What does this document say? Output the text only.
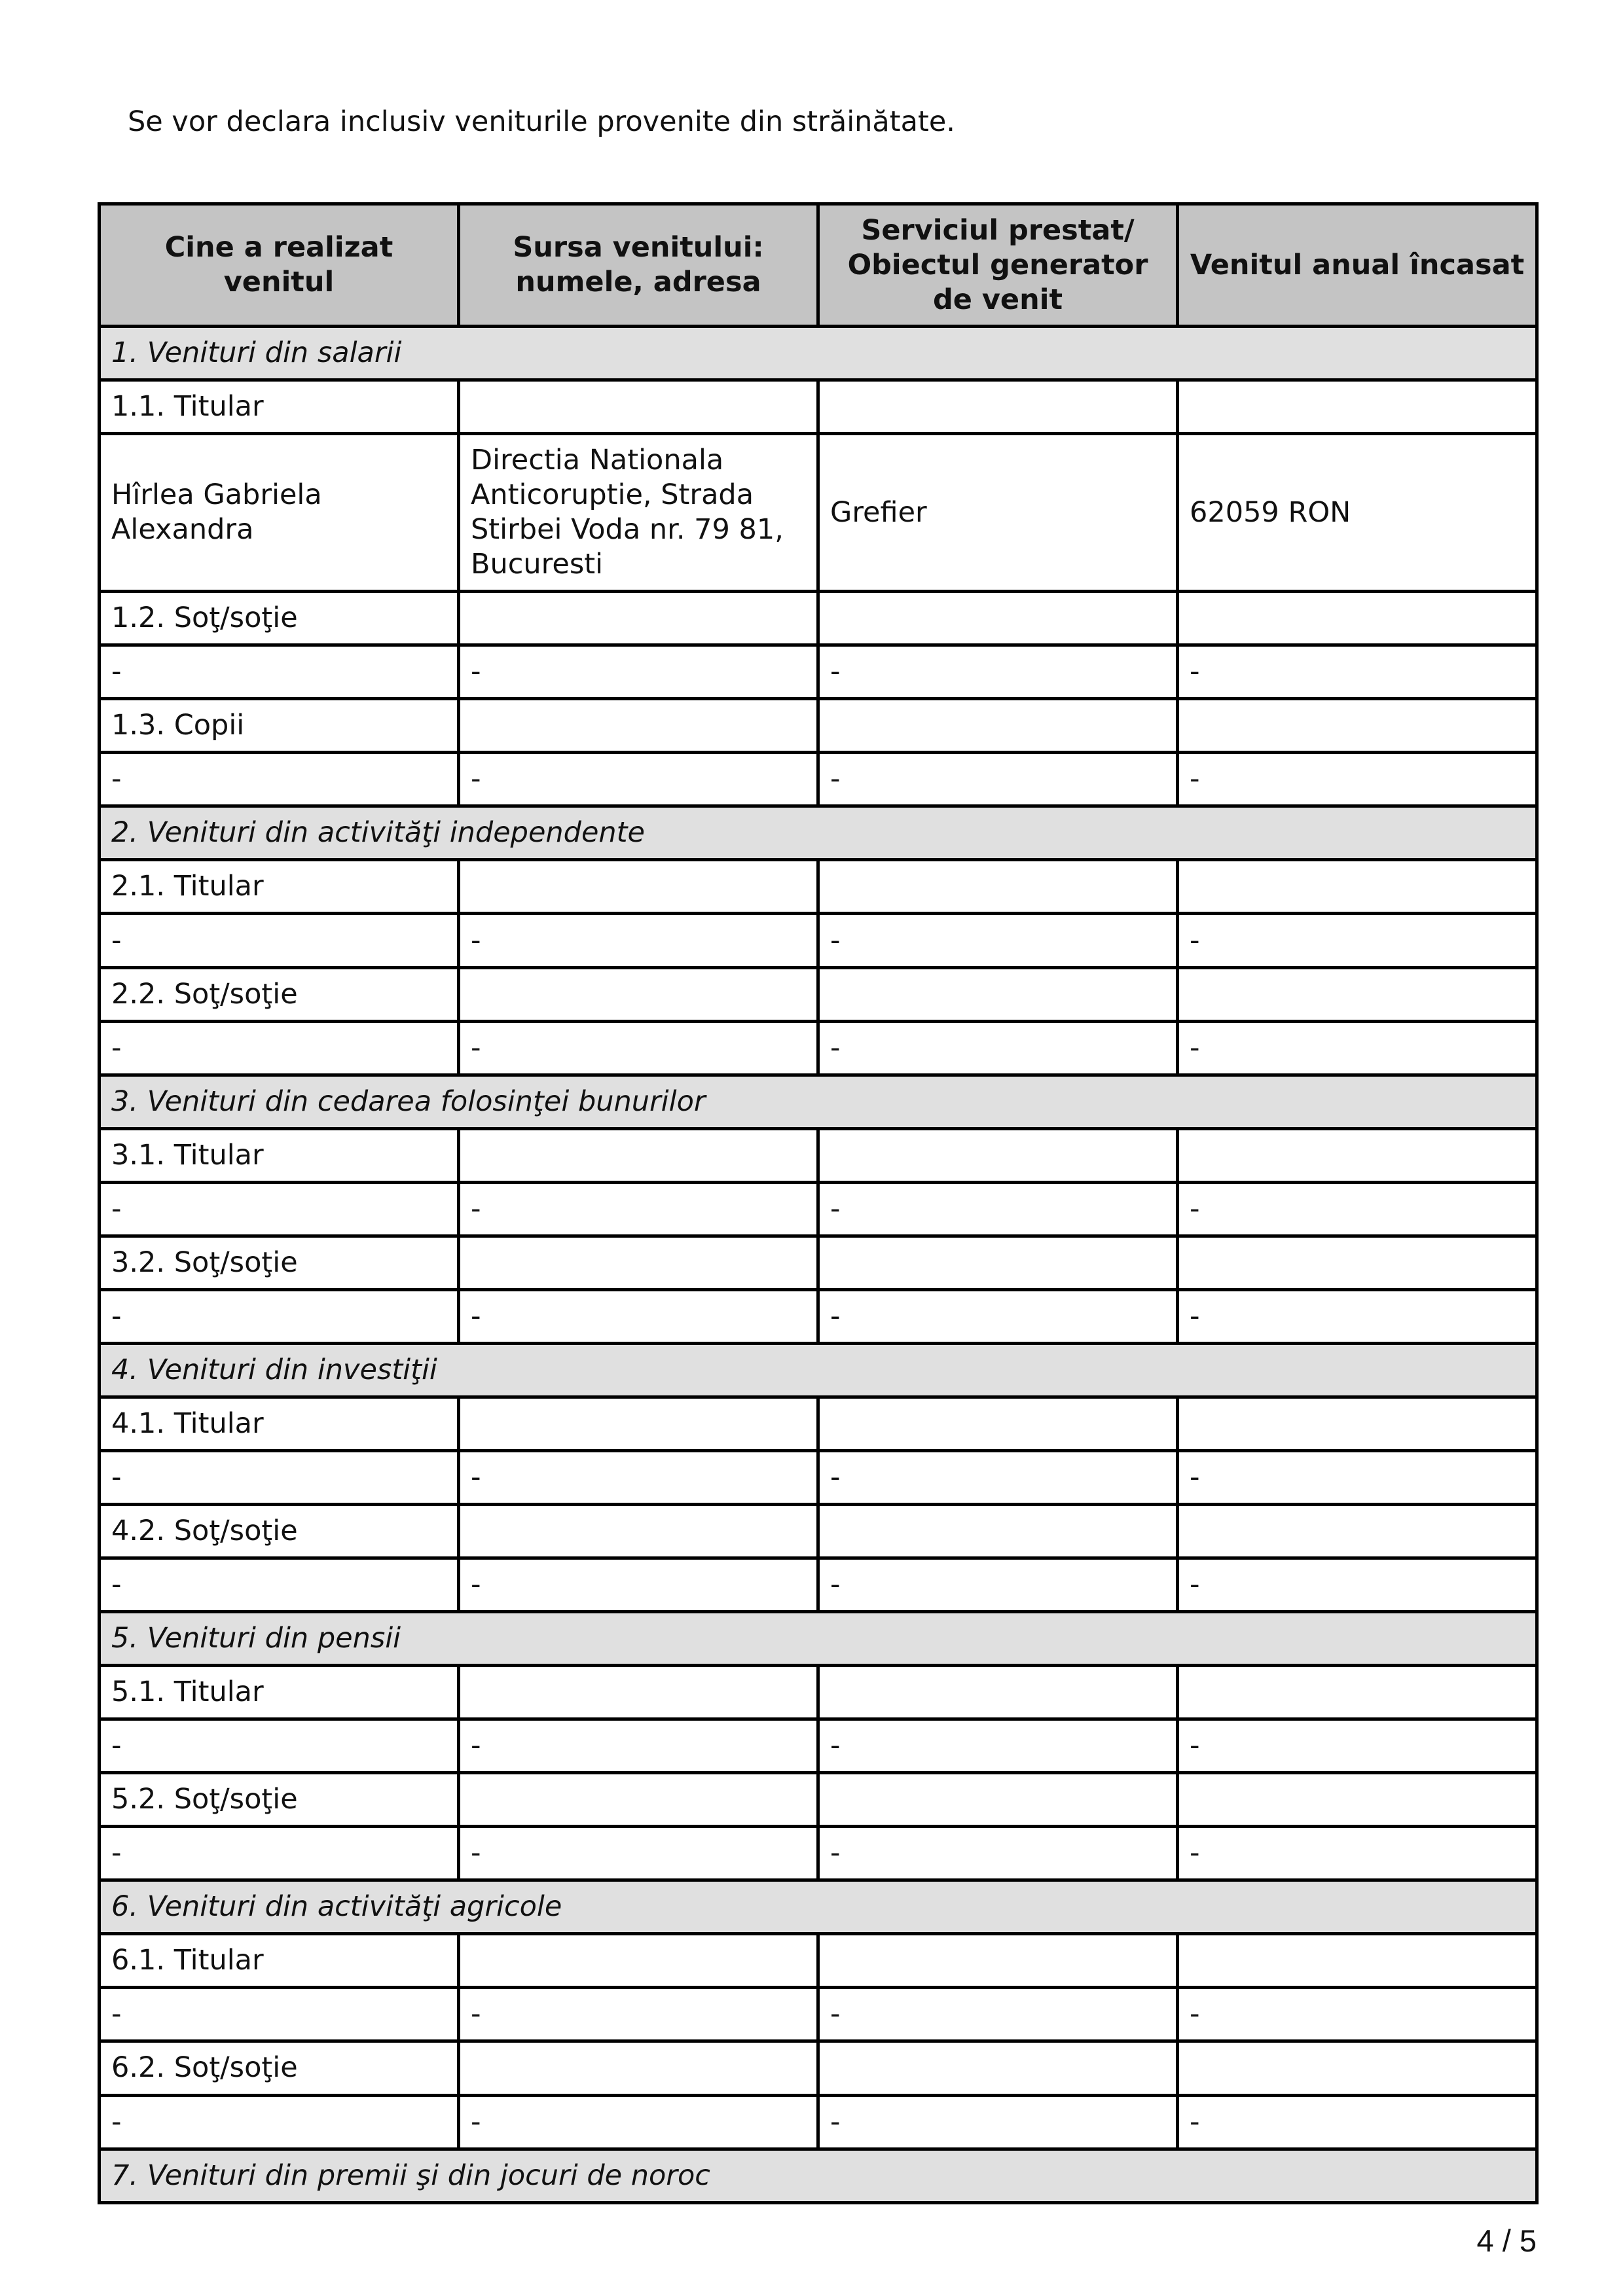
Se vor declara inclusiv veniturile provenite din străinătate.
Cine a realizat venitul	Sursa venitului: numele, adresa	Serviciul prestat/ Obiectul generator de venit	Venitul anual încasat
1. Venituri din salarii			
1.1. Titular			
Hîrlea Gabriela Alexandra	Directia Nationala Anticoruptie, Strada Stirbei Voda nr. 79 81, Bucuresti	Grefier	62059 RON
1.2. Soţ/soţie			
-	-	-	-
1.3. Copii			
-	-	-	-
2. Venituri din activităţi independente			
2.1. Titular			
-	-	-	-
2.2. Soţ/soţie			
-	-	-	-
3. Venituri din cedarea folosinţei bunurilor			
3.1. Titular			
-	-	-	-
3.2. Soţ/soţie			
-	-	-	-
4. Venituri din investiţii			
4.1. Titular			
-	-	-	-
4.2. Soţ/soţie			
-	-	-	-
5. Venituri din pensii			
5.1. Titular			
-	-	-	-
5.2. Soţ/soţie			
-	-	-	-
6. Venituri din activităţi agricole			
6.1. Titular			
-	-	-	-
6.2. Soţ/soţie			
-	-	-	-
7. Venituri din premii şi din jocuri de noroc			
4 / 5
